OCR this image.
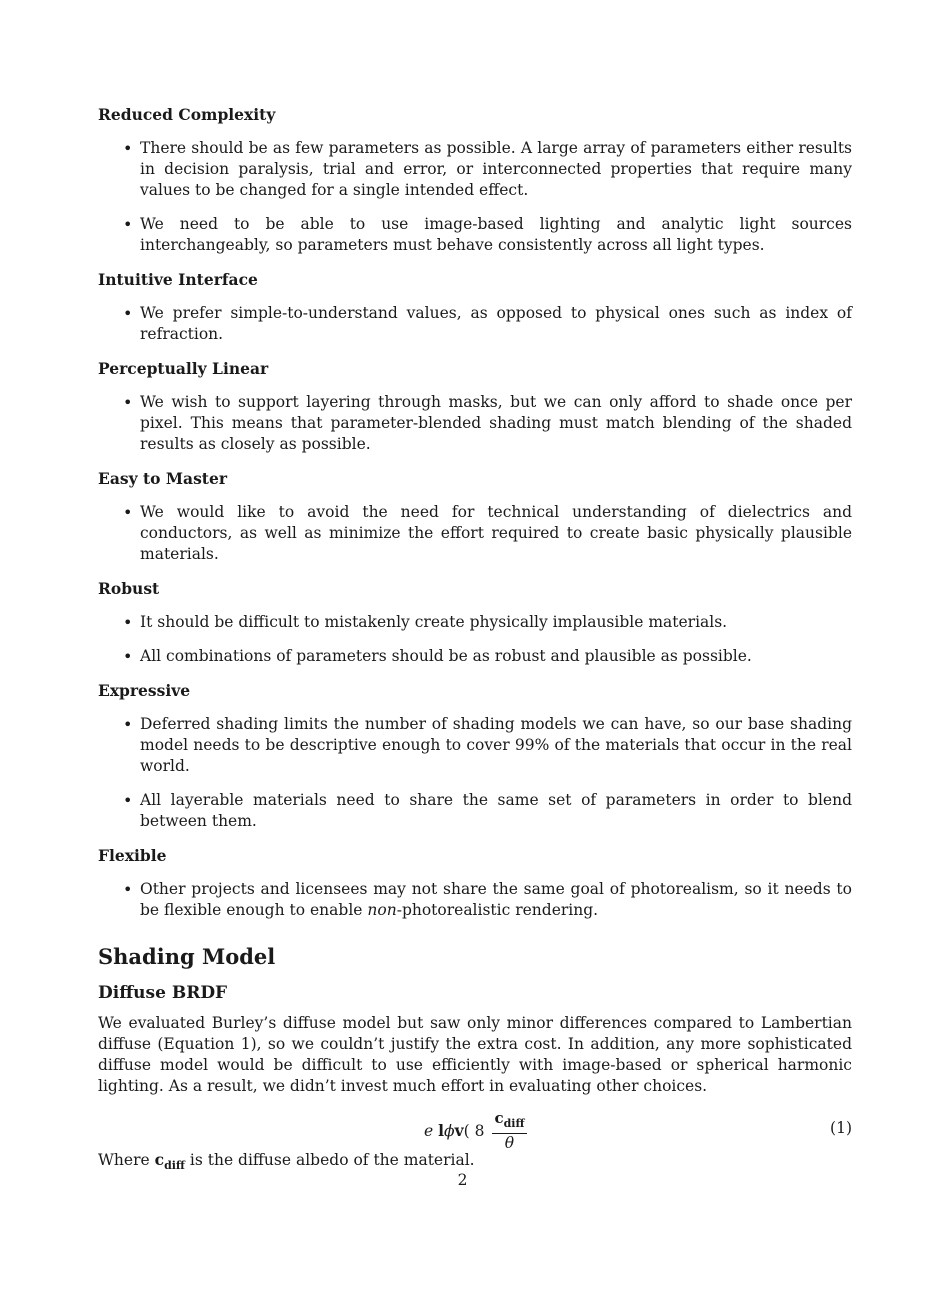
Reduced Complexity
• There should be as few parameters as possible. A large array of parameters either results in decision paralysis, trial and error, or interconnected properties that require many values to be changed for a single intended effect.
• We need to be able to use image-based lighting and analytic light sources interchangeably, so parameters must behave consistently across all light types.
Intuitive Interface
• We prefer simple-to-understand values, as opposed to physical ones such as index of refraction.
Perceptually Linear
• We wish to support layering through masks, but we can only afford to shade once per pixel. This means that parameter-blended shading must match blending of the shaded results as closely as possible.
Easy to Master
• We would like to avoid the need for technical understanding of dielectrics and conductors, as well as minimize the effort required to create basic physically plausible materials.
Robust
• It should be difficult to mistakenly create physically implausible materials.
• All combinations of parameters should be as robust and plausible as possible.
Expressive
• Deferred shading limits the number of shading models we can have, so our base shading model needs to be descriptive enough to cover 99% of the materials that occur in the real world.
• All layerable materials need to share the same set of parameters in order to blend between them.
Flexible
• Other projects and licensees may not share the same goal of photorealism, so it needs to be flexible enough to enable non-photorealistic rendering.
Shading Model
Diffuse BRDF

We evaluated Burley’s diffuse model but saw only minor differences compared to Lambertian diffuse (Equation 1), so we couldn’t justify the extra cost. In addition, any more sophisticated diffuse model would be difficult to use efficiently with image-based or spherical harmonic lighting. As a result, we didn’t invest much effort in evaluating other choices.

e
l ϕ v ( $8 \frac{c_{diff}}{\theta}$	(1)

Where $c_{diff}$ is the diffuse albedo of the material.

2
